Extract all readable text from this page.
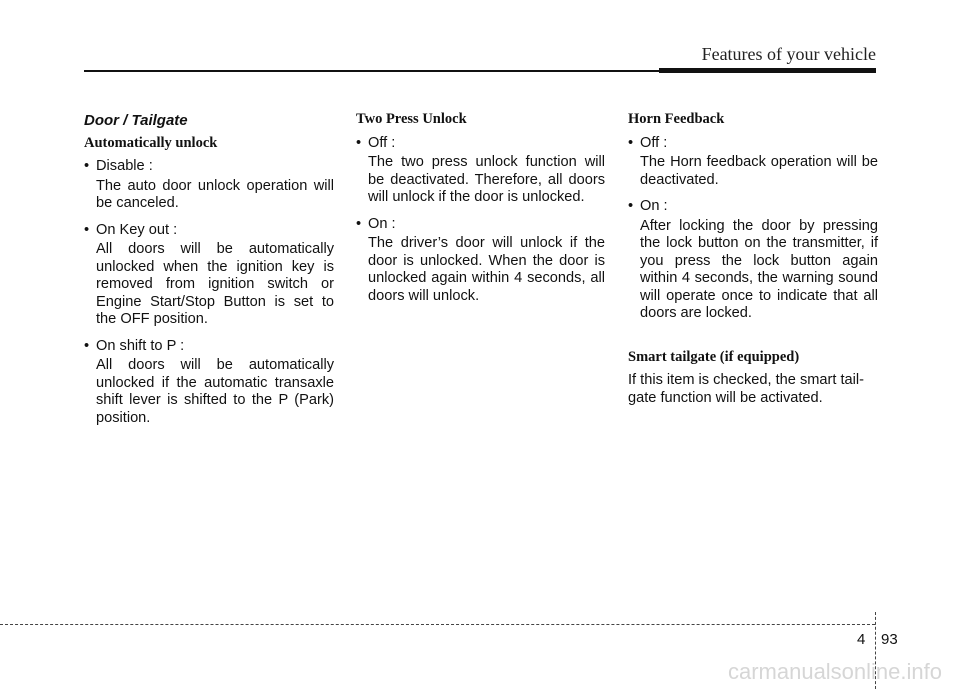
Features of your vehicle
Door / Tailgate
Automatically unlock
• Disable :
The auto door unlock operation will be canceled.
• On Key out :
All doors will be automatically unlocked when the ignition key is removed from ignition switch or Engine Start/Stop Button is set to the OFF position.
• On shift to P :
All doors will be automatically unlocked if the automatic transaxle shift lever is shifted to the P (Park) position.
Two Press Unlock
• Off :
The two press unlock function will be deactivated. Therefore, all doors will unlock if the door is unlocked.
• On :
The driver’s door will unlock if the door is unlocked. When the door is unlocked again within 4 seconds, all doors will unlock.
Horn Feedback
• Off :
The Horn feedback operation will be deactivated.
• On :
After locking the door by pressing the lock button on the transmitter, if you press the lock button again within 4 seconds, the warning sound will operate once to indicate that all doors are locked.
Smart tailgate (if equipped)
If this item is checked, the smart tail-gate function will be activated.
4 93
carmanualsonline.info
